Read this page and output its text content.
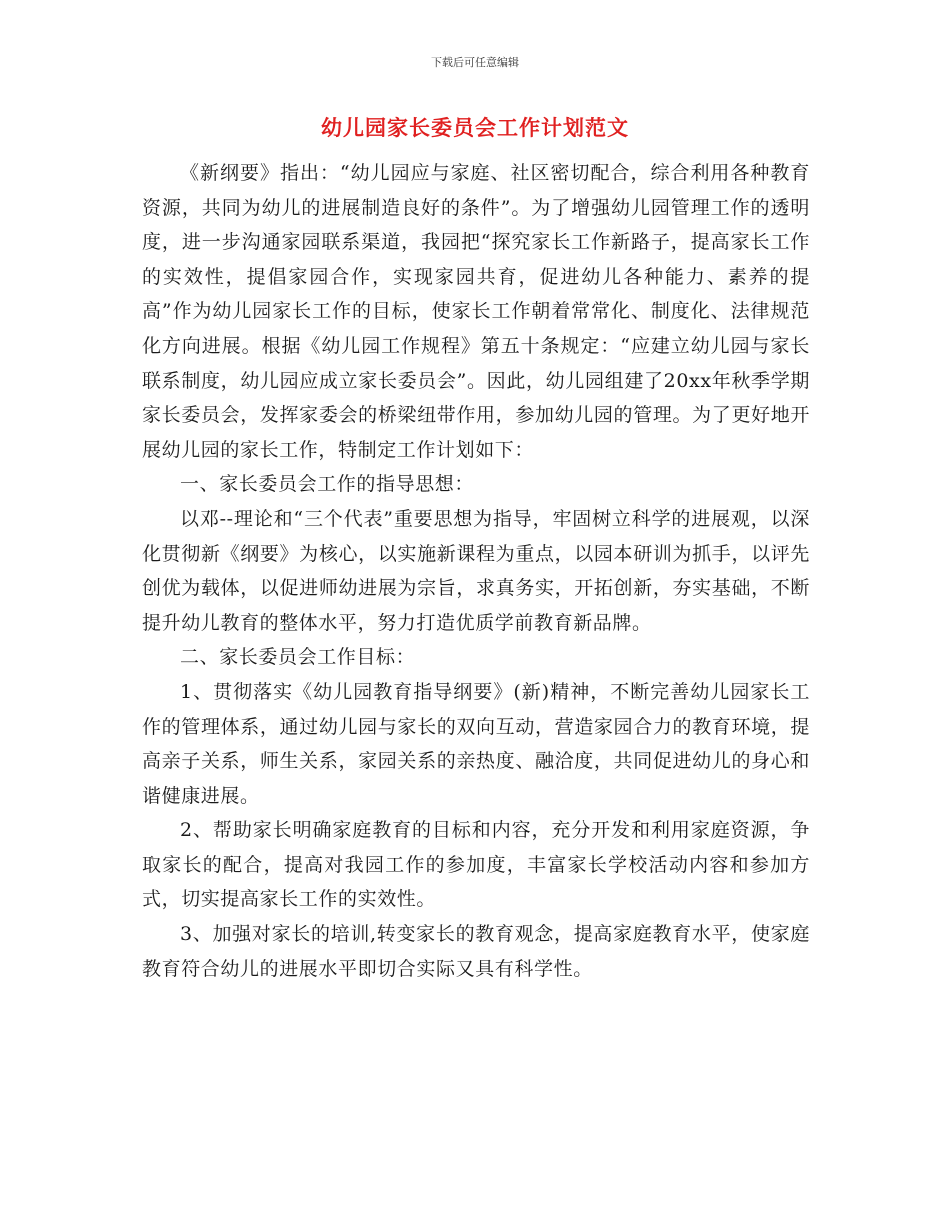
下载后可任意编辑
幼儿园家长委员会工作计划范文

《新纲要》指出：“幼儿园应与家庭、社区密切配合，综合利用各种教育资源，共同为幼儿的进展制造良好的条件”。为了增强幼儿园管理工作的透明度，进一步沟通家园联系渠道，我园把“探究家长工作新路子，提高家长工作的实效性，提倡家园合作，实现家园共育，促进幼儿各种能力、素养的提高”作为幼儿园家长工作的目标，使家长工作朝着常常化、制度化、法律规范化方向进展。根据《幼儿园工作规程》第五十条规定：“应建立幼儿园与家长联系制度，幼儿园应成立家长委员会”。因此，幼儿园组建了20xx年秋季学期家长委员会，发挥家委会的桥梁纽带作用，参加幼儿园的管理。为了更好地开展幼儿园的家长工作，特制定工作计划如下：

一、家长委员会工作的指导思想：

以邓--理论和“三个代表”重要思想为指导，牢固树立科学的进展观，以深化贯彻新《纲要》为核心，以实施新课程为重点，以园本研训为抓手，以评先创优为载体，以促进师幼进展为宗旨，求真务实，开拓创新，夯实基础，不断提升幼儿教育的整体水平，努力打造优质学前教育新品牌。

二、家长委员会工作目标：

1、贯彻落实《幼儿园教育指导纲要》(新)精神，不断完善幼儿园家长工作的管理体系，通过幼儿园与家长的双向互动，营造家园合力的教育环境，提高亲子关系，师生关系，家园关系的亲热度、融洽度，共同促进幼儿的身心和谐健康进展。

2、帮助家长明确家庭教育的目标和内容，充分开发和利用家庭资源，争取家长的配合，提高对我园工作的参加度，丰富家长学校活动内容和参加方式，切实提高家长工作的实效性。

3、加强对家长的培训,转变家长的教育观念，提高家庭教育水平，使家庭教育符合幼儿的进展水平即切合实际又具有科学性。
